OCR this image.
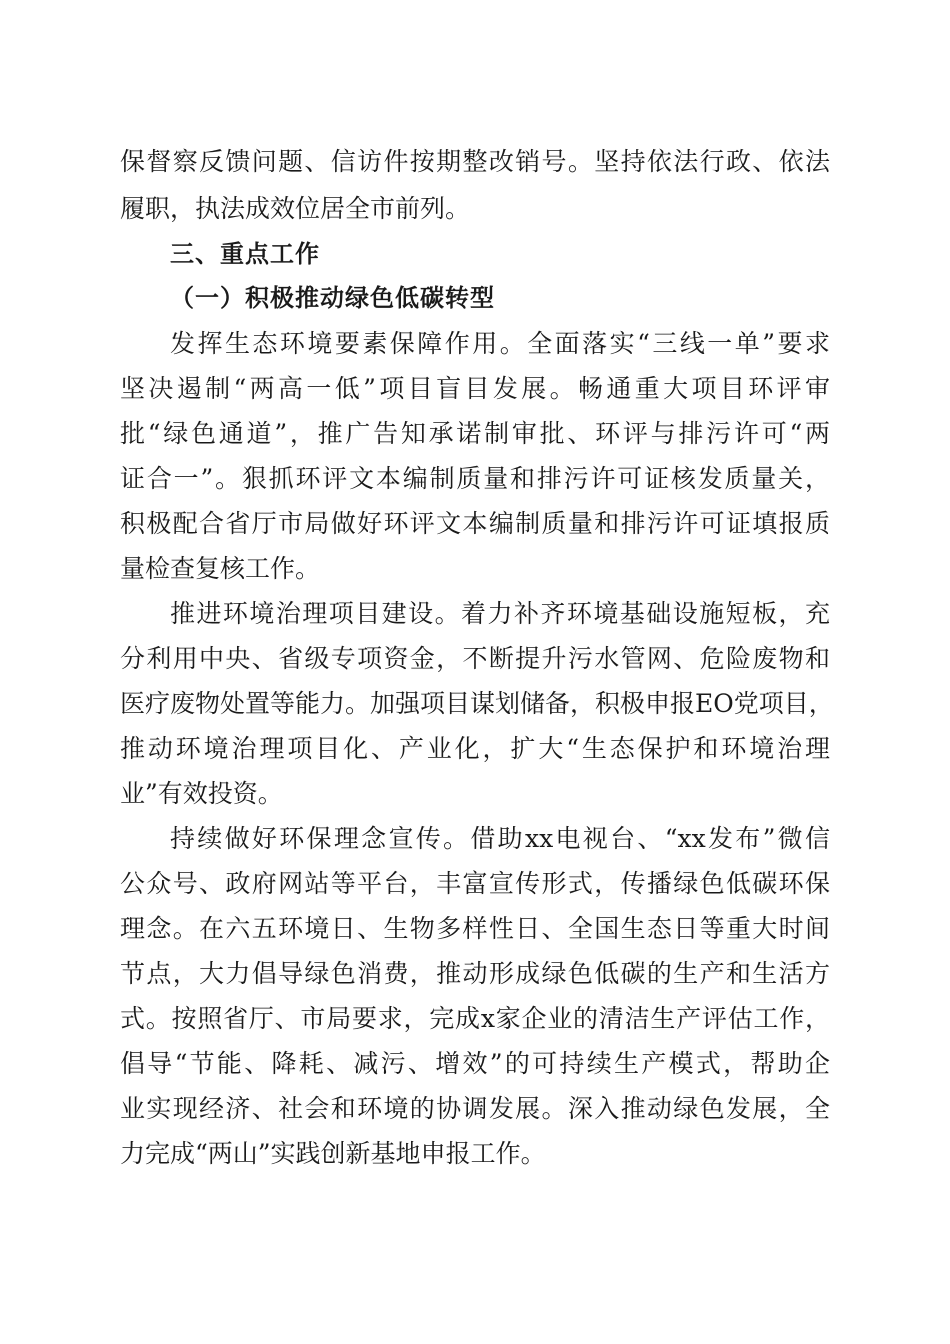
保督察反馈问题、信访件按期整改销号。坚持依法行政、依法
履职，执法成效位居全市前列。
三、重点工作
（一）积极推动绿色低碳转型
发挥生态环境要素保障作用。全面落实“三线一单”要求
坚决遏制“两高一低”项目盲目发展。畅通重大项目环评审
批“绿色通道”，推广告知承诺制审批、环评与排污许可“两
证合一”。狠抓环评文本编制质量和排污许可证核发质量关，
积极配合省厅市局做好环评文本编制质量和排污许可证填报质
量检查复核工作。
推进环境治理项目建设。着力补齐环境基础设施短板，充
分利用中央、省级专项资金，不断提升污水管网、危险废物和
医疗废物处置等能力。加强项目谋划储备，积极申报EO党项目，
推动环境治理项目化、产业化，扩大“生态保护和环境治理
业”有效投资。
持续做好环保理念宣传。借助xx电视台、“xx发布”微信
公众号、政府网站等平台，丰富宣传形式，传播绿色低碳环保
理念。在六五环境日、生物多样性日、全国生态日等重大时间
节点，大力倡导绿色消费，推动形成绿色低碳的生产和生活方
式。按照省厅、市局要求，完成x家企业的清洁生产评估工作，
倡导“节能、降耗、减污、增效”的可持续生产模式，帮助企
业实现经济、社会和环境的协调发展。深入推动绿色发展，全
力完成“两山”实践创新基地申报工作。
